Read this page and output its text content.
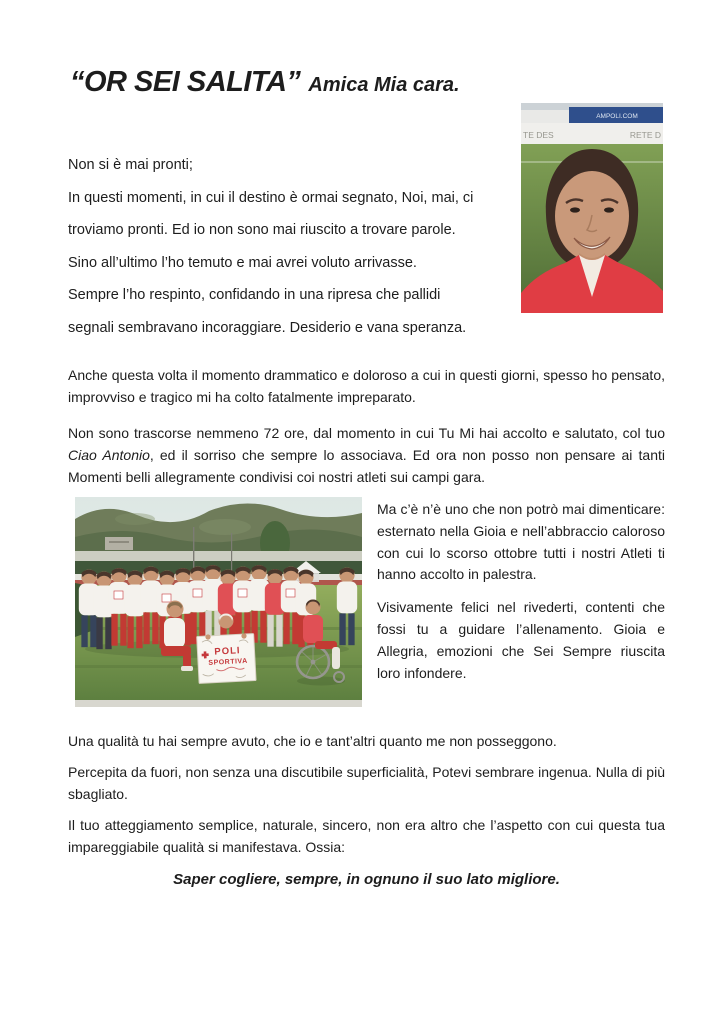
“OR SEI SALITA” Amica Mia cara.
AMPOLI.COM
TE DES	RETE D

Non si è mai pronti;

In questi momenti, in cui il destino è ormai segnato, Noi, mai, ci

troviamo pronti. Ed io non sono mai riuscito a trovare parole.

Sino all’ultimo l’ho temuto e mai avrei voluto arrivasse.

Sempre l’ho respinto, confidando in una ripresa che pallidi

segnali sembravano incoraggiare. Desiderio e vana speranza.

Anche questa volta il momento drammatico e doloroso a cui in questi giorni, spesso ho pensato, improvviso e tragico mi ha colto fatalmente impreparato.

Non sono trascorse nemmeno 72 ore, dal momento in cui Tu Mi hai accolto e salutato, col tuo Ciao Antonio, ed il sorriso che sempre lo associava. Ed ora non posso non pensare ai tanti Momenti belli allegramente condivisi coi nostri atleti sui campi gara.

POLI
SPORTIVA

Ma c’è n’è uno che non potrò mai dimenticare: esternato nella Gioia e nell’abbraccio caloroso con cui lo scorso ottobre tutti i nostri Atleti ti hanno accolto in palestra.

Visivamente felici nel rivederti, contenti che fossi tu a guidare l’allenamento. Gioia e Allegria, emozioni che Sei Sempre riuscita loro infondere.

Una qualità tu hai sempre avuto, che io e tant’altri quanto me non posseggono.

Percepita da fuori, non senza una discutibile superficialità, Potevi sembrare ingenua. Nulla di più sbagliato.

Il tuo atteggiamento semplice, naturale, sincero, non era altro che l’aspetto con cui questa tua impareggiabile qualità si manifestava. Ossia:

Saper cogliere, sempre, in ognuno il suo lato migliore.
